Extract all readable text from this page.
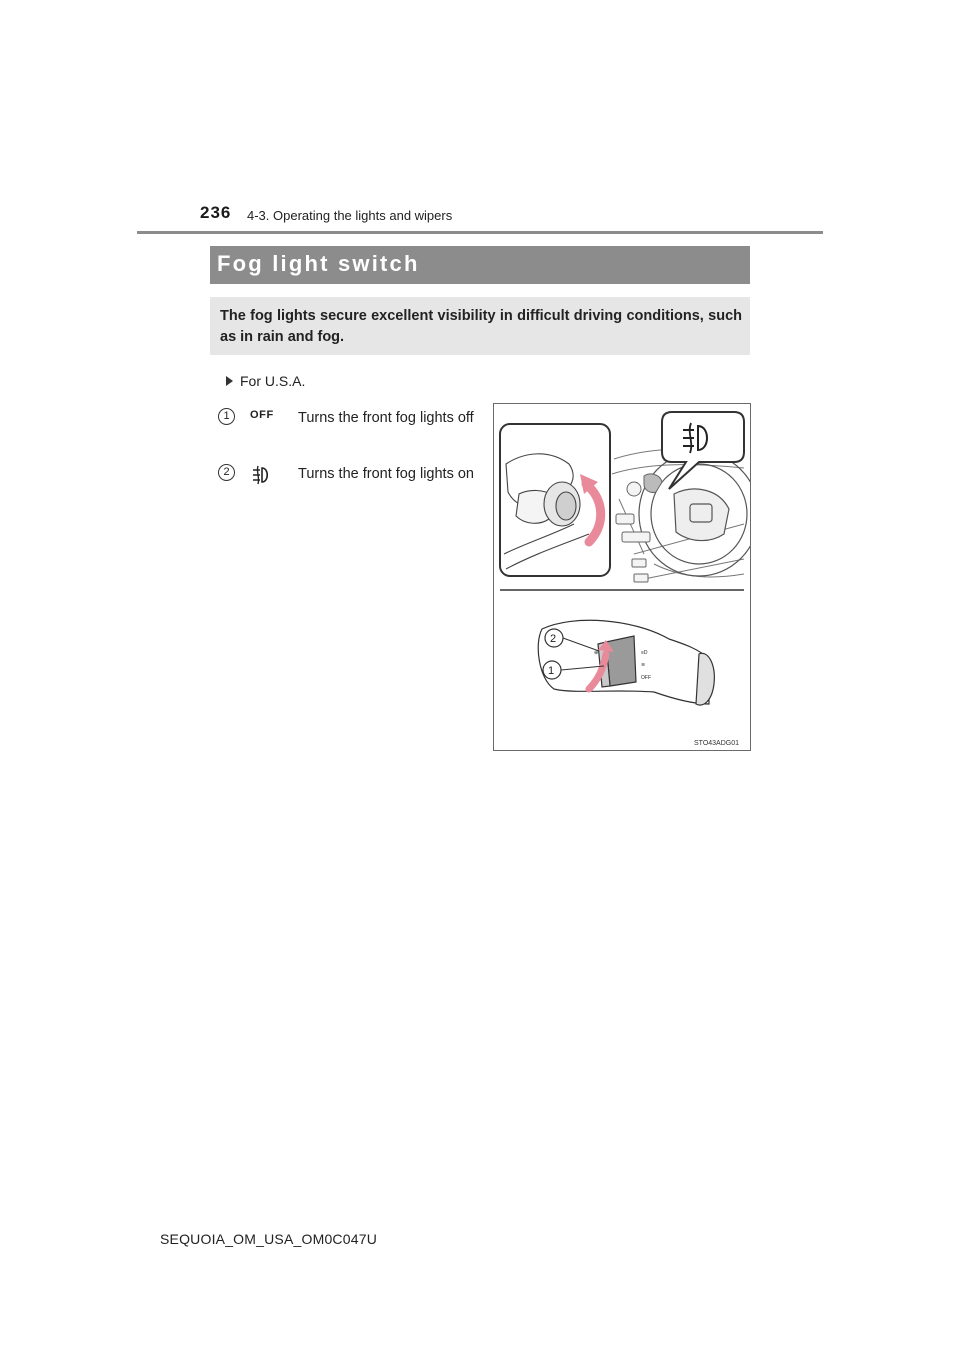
236 4-3. Operating the lights and wipers
Fog light switch
The fog lights secure excellent visibility in difficult driving conditions, such as in rain and fog.
For U.S.A.
1	OFF Turns the front fog lights off
2	Turns the front fog lights on
≡D
≋
OFF
⊕
2
1
STO43ADG01
SEQUOIA_OM_USA_OM0C047U
